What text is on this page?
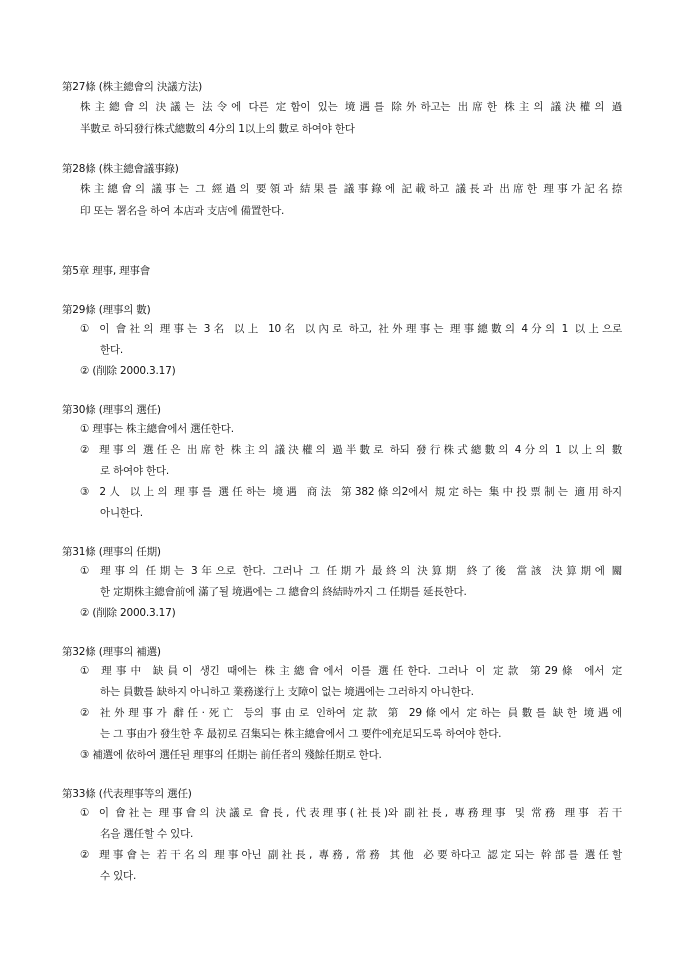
第27條 (株主總會의 決議方法)
株主總會의 決議는 法令에 다른 定함이 있는 境遇를 除外하고는 出席한 株主의 議決權의 過
半數로 하되發行株式總數의 4分의 1以上의 數로 하여야 한다
第28條 (株主總會議事錄)
株主總會의 議事는 그 經過의 要領과 結果를 議事錄에 記載하고 議長과 出席한 理事가記名捺
印 또는 署名을 하여 本店과 支店에 備置한다.
第5章 理事, 理事會
第29條 (理事의 數)
① 이 會社의 理事는 3名 以上 10名 以內로 하고, 社外理事는 理事總數의 4分의 1 以上으로
한다.
② (削除 2000.3.17)
第30條 (理事의 選任)
① 理事는 株主總會에서 選任한다.
② 理事의 選任은 出席한 株主의 議決權의 過半數로 하되 發行株式總數의 4分의 1 以上의 數
로 하여야 한다.
③ 2人 以上의 理事를 選任하는 境遇 商法 第382條의2에서 規定하는 集中投票制는 適用하지
아니한다.
第31條 (理事의 任期)
① 理事의 任期는 3年으로 한다. 그러나 그 任期가 最終의 決算期 終了後 當該 決算期에 關
한 定期株主總會前에 滿了될 境遇에는 그 總會의 終結時까지 그 任期를 延長한다.
② (削除 2000.3.17)
第32條 (理事의 補選)
① 理事中 缺員이 생긴 때에는 株主總會에서 이를 選任한다. 그러나 이 定款 第29條 에서 定
하는 員數를 缺하지 아니하고 業務遂行上 支障이 없는 境遇에는 그러하지 아니한다.
② 社外理事가 辭任·死亡 등의 事由로 인하여 定款 第 29條에서 定하는 員數를 缺한 境遇에
는 그 事由가 發生한 후 最初로 召集되는 株主總會에서 그 要件에充足되도록 하여야 한다.
③ 補選에 依하여 選任된 理事의 任期는 前任者의 殘餘任期로 한다.
第33條 (代表理事等의 選任)
① 이 會社는 理事會의 決議로 會長, 代表理事(社長)와 副社長, 專務理事 및 常務 理事 若干
名을 選任할 수 있다.
② 理事會는 若干名의 理事아닌 副社長, 專務, 常務 其他 必要하다고 認定되는 幹部를 選任할
수 있다.
